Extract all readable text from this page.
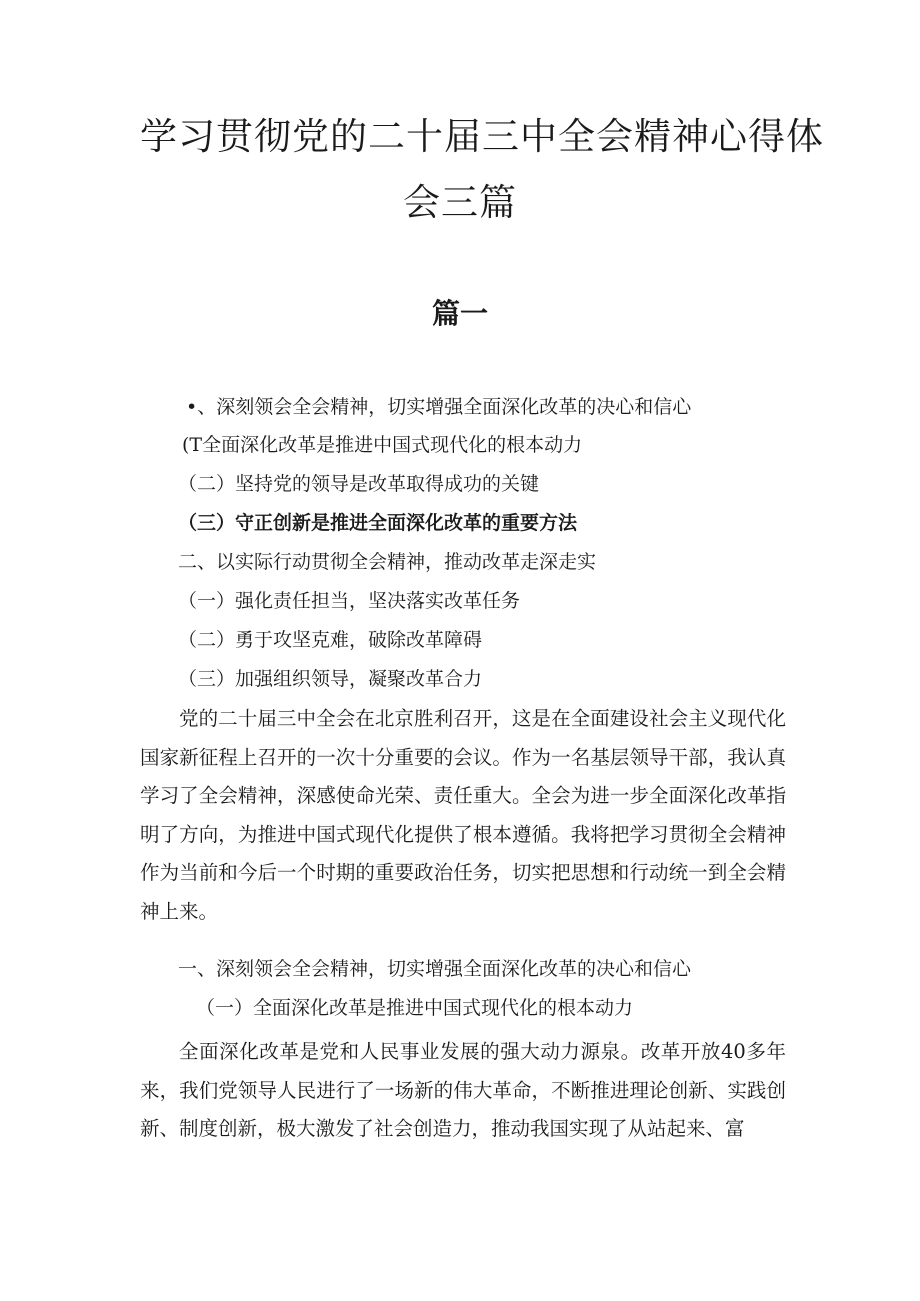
学习贯彻党的二十届三中全会精神心得体
会三篇
篇一

•、深刻领会全会精神，切实增强全面深化改革的决心和信心

(T全面深化改革是推进中国式现代化的根本动力

（二）坚持党的领导是改革取得成功的关键

（三）守正创新是推进全面深化改革的重要方法

二、以实际行动贯彻全会精神，推动改革走深走实

（一）强化责任担当，坚决落实改革任务

（二）勇于攻坚克难，破除改革障碍

（三）加强组织领导，凝聚改革合力

党的二十届三中全会在北京胜利召开，这是在全面建设社会主义现代化国家新征程上召开的一次十分重要的会议。作为一名基层领导干部，我认真学习了全会精神，深感使命光荣、责任重大。全会为进一步全面深化改革指明了方向，为推进中国式现代化提供了根本遵循。我将把学习贯彻全会精神作为当前和今后一个时期的重要政治任务，切实把思想和行动统一到全会精神上来。

一、深刻领会全会精神，切实增强全面深化改革的决心和信心

（一）全面深化改革是推进中国式现代化的根本动力

全面深化改革是党和人民事业发展的强大动力源泉。改革开放40多年来，我们党领导人民进行了一场新的伟大革命，不断推进理论创新、实践创新、制度创新，极大激发了社会创造力，推动我国实现了从站起来、富
